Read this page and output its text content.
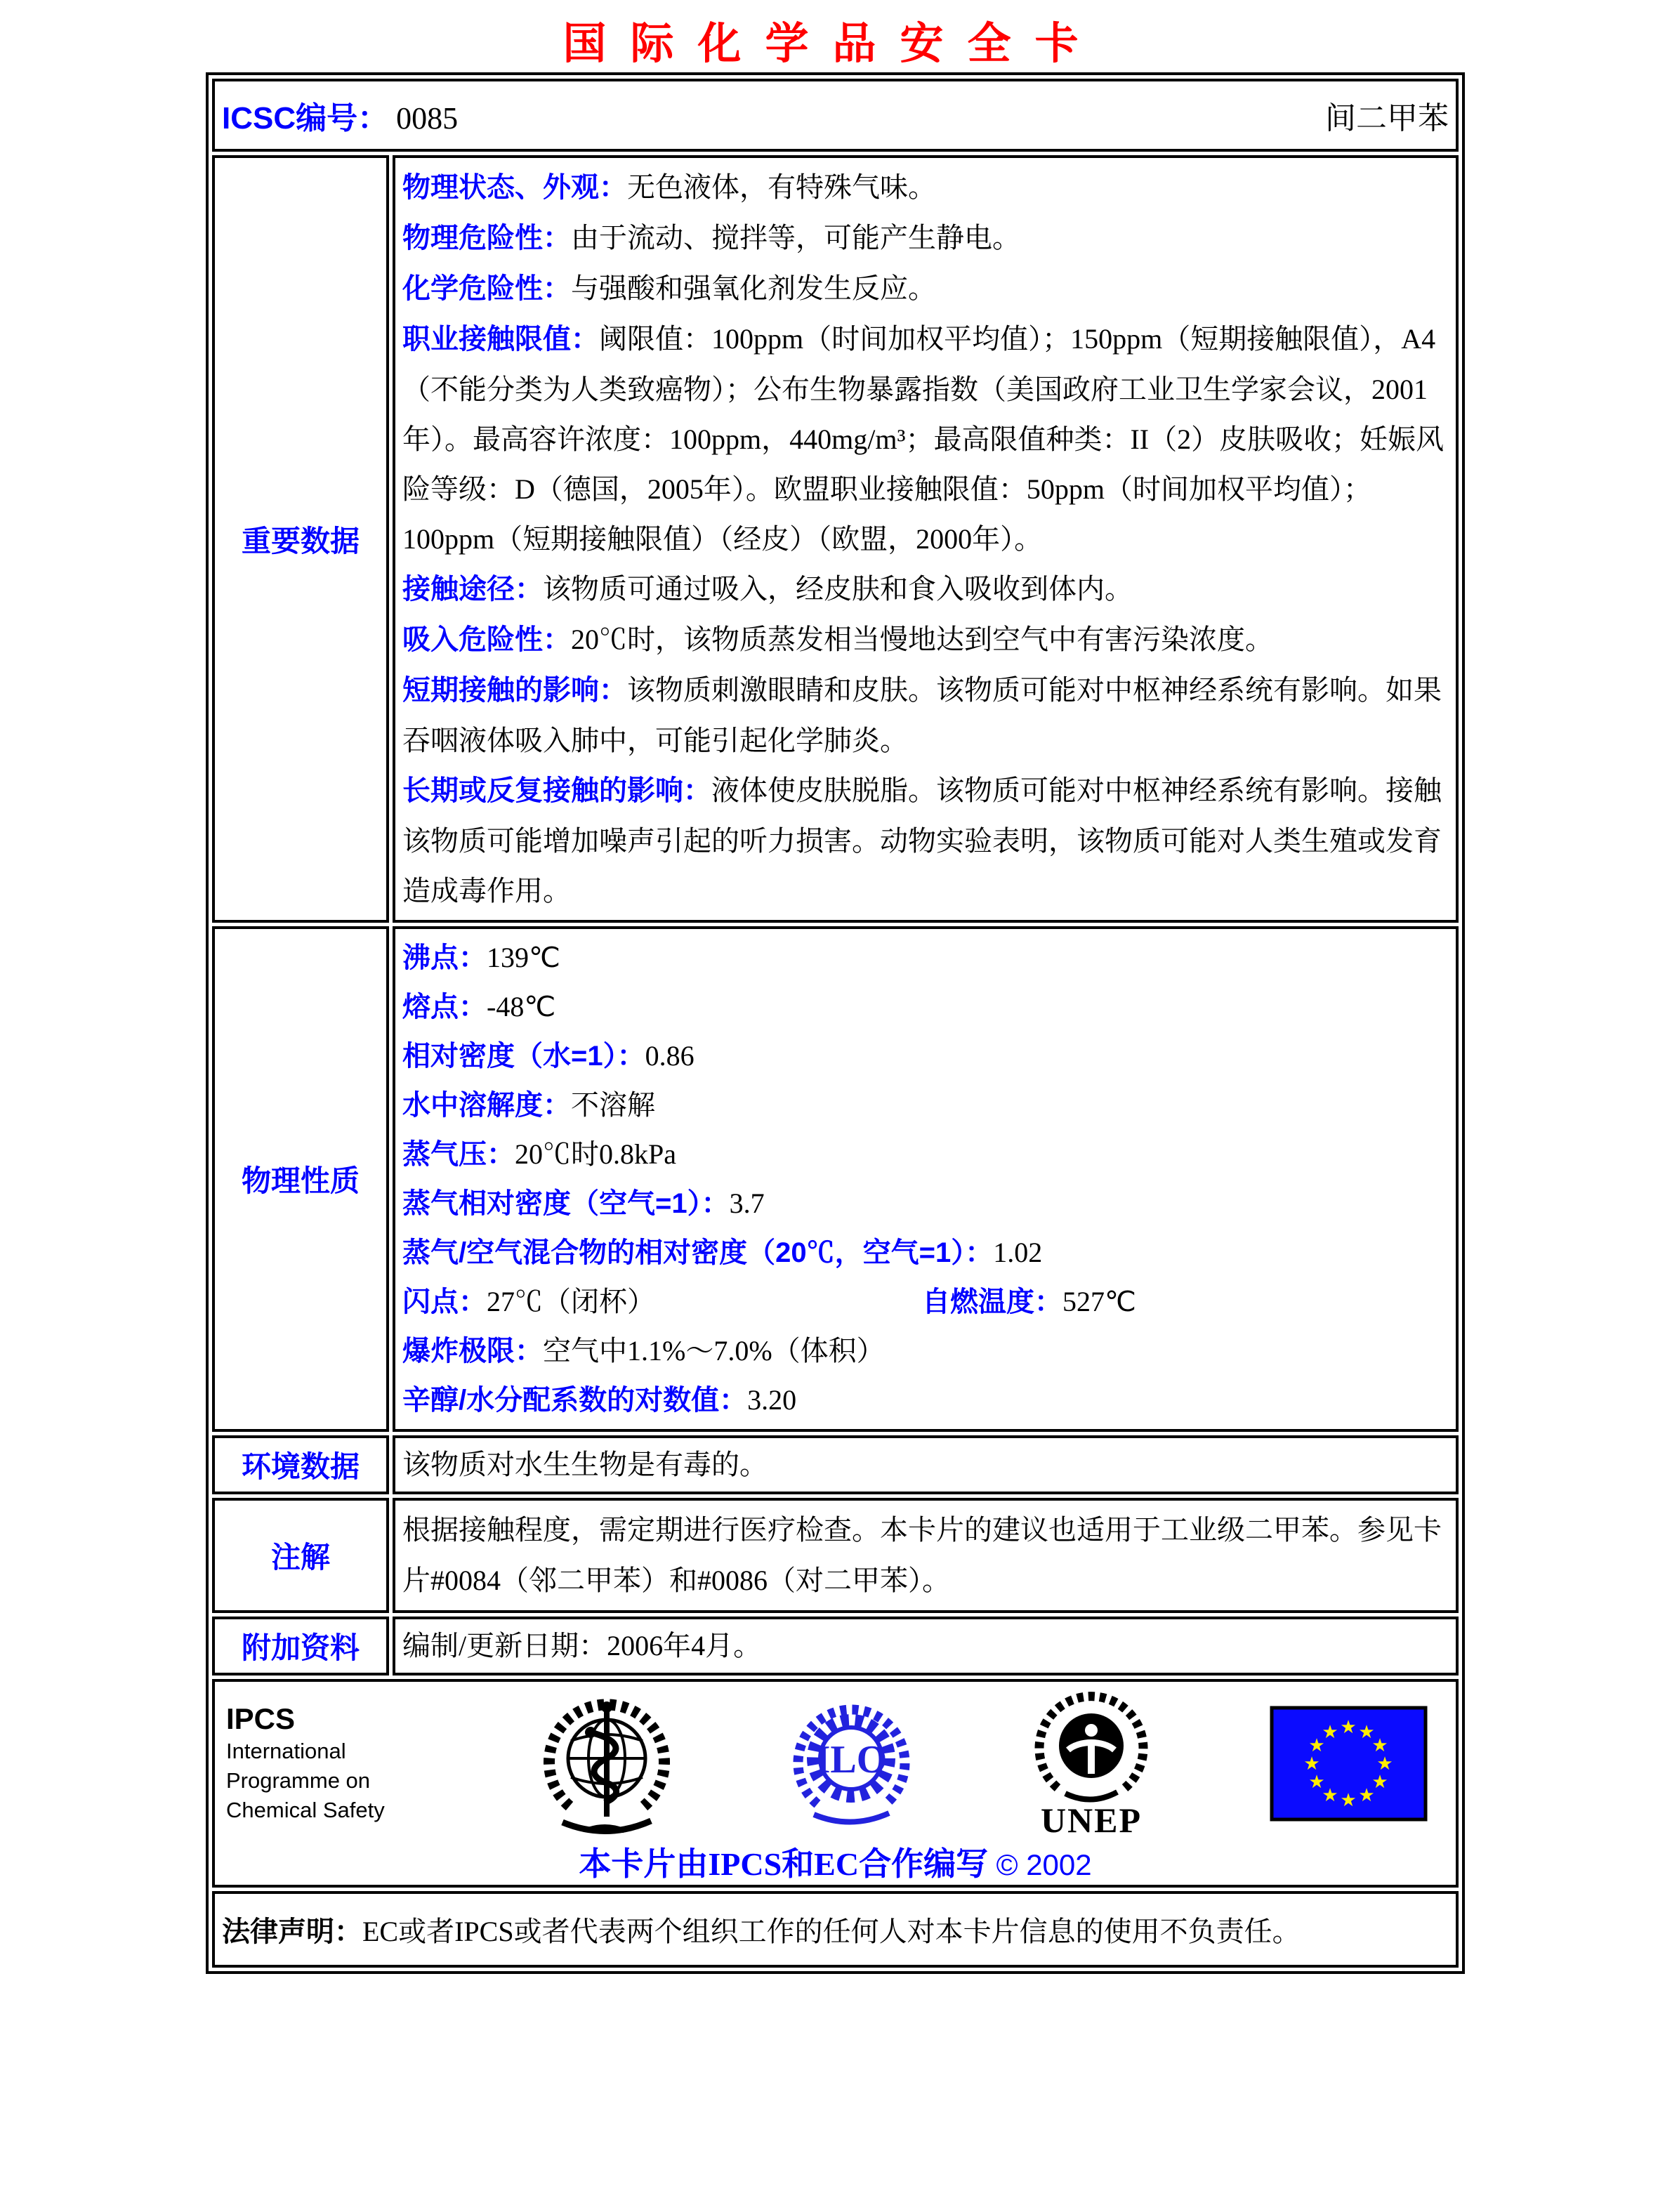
国际化学品安全卡
ICSC编号： 0085 间二甲苯	

重要数据	

物理状态、外观：无色液体，有特殊气味。

物理危险性：由于流动、搅拌等，可能产生静电。

化学危险性：与强酸和强氧化剂发生反应。

职业接触限值：阈限值：100ppm（时间加权平均值）；150ppm（短期接触限值），A4（不能分类为人类致癌物）；公布生物暴露指数（美国政府工业卫生学家会议，2001年）。最高容许浓度：100ppm，440mg/m³；最高限值种类：II（2）皮肤吸收；妊娠风险等级：D（德国，2005年）。欧盟职业接触限值：50ppm（时间加权平均值）；100ppm（短期接触限值）（经皮）（欧盟，2000年）。

接触途径：该物质可通过吸入，经皮肤和食入吸收到体内。

吸入危险性：20℃时，该物质蒸发相当慢地达到空气中有害污染浓度。

短期接触的影响：该物质刺激眼睛和皮肤。该物质可能对中枢神经系统有影响。如果吞咽液体吸入肺中，可能引起化学肺炎。

长期或反复接触的影响：液体使皮肤脱脂。该物质可能对中枢神经系统有影响。接触该物质可能增加噪声引起的听力损害。动物实验表明，该物质可能对人类生殖或发育造成毒作用。

物理性质	

沸点：139℃

熔点：-48℃

相对密度（水=1）：0.86

水中溶解度：不溶解

蒸气压：20℃时0.8kPa

蒸气相对密度（空气=1）：3.7

蒸气/空气混合物的相对密度（20℃，空气=1）：1.02

闪点：27℃（闭杯）	自燃温度：527℃

爆炸极限：空气中1.1%～7.0%（体积）

辛醇/水分配系数的对数值：3.20

环境数据	该物质对水生生物是有毒的。

注解	根据接触程度，需定期进行医疗检查。本卡片的建议也适用于工业级二甲苯。参见卡片#0084（邻二甲苯）和#0086（对二甲苯）。

附加资料	编制/更新日期：2006年4月。

IPCS
International
Programme on
Chemical Safety
ILO
UNEP
★ ★
★
★
★
★
★
★
★
★
★
★
本卡片由IPCS和EC合作编写 © 2002

法律声明：EC或者IPCS或者代表两个组织工作的任何人对本卡片信息的使用不负责任。	
